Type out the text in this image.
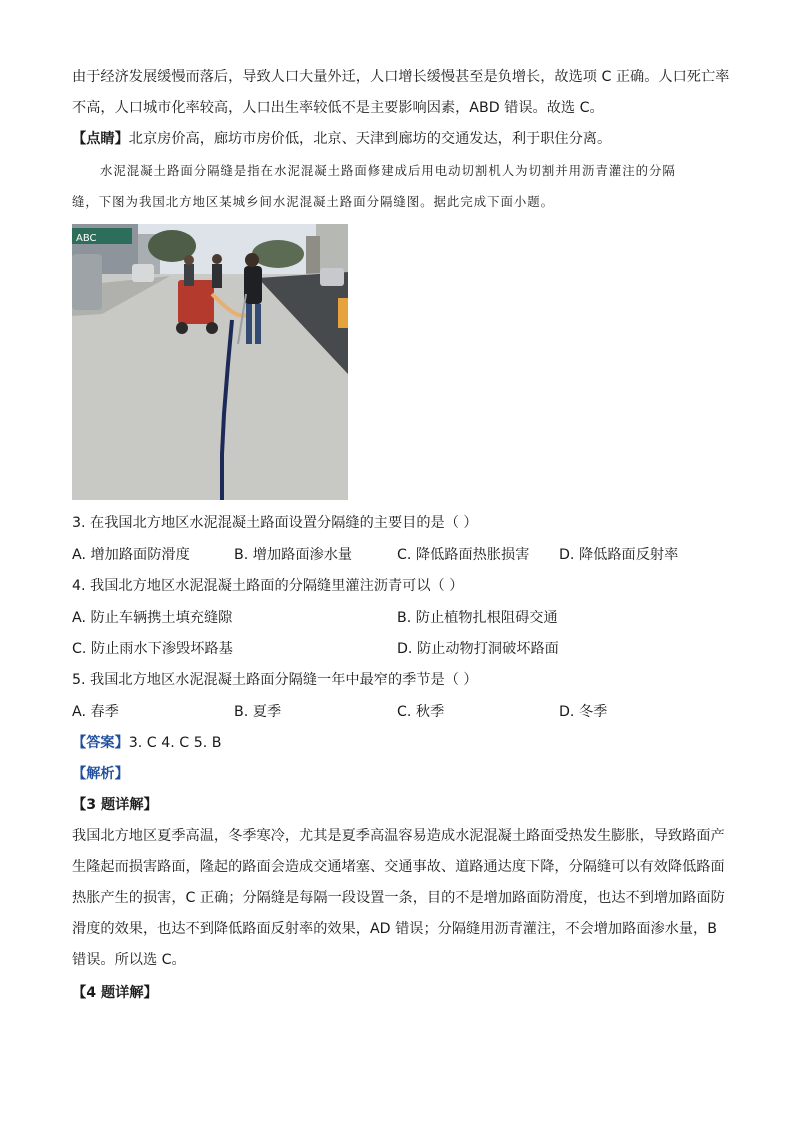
由于经济发展缓慢而落后，导致人口大量外迁，人口增长缓慢甚至是负增长，故选项 C 正确。人口死亡率
不高，人口城市化率较高，人口出生率较低不是主要影响因素，ABD 错误。故选 C。
【点睛】北京房价高，廊坊市房价低，北京、天津到廊坊的交通发达，利于职住分离。
水泥混凝土路面分隔缝是指在水泥混凝土路面修建成后用电动切割机人为切割并用沥青灌注的分隔
缝，下图为我国北方地区某城乡间水泥混凝土路面分隔缝图。据此完成下面小题。
ABC
3. 在我国北方地区水泥混凝土路面设置分隔缝的主要目的是（ ）
A. 增加路面防滑度	B. 增加路面渗水量	C. 降低路面热胀损害 D. 降低路面反射率
4. 我国北方地区水泥混凝土路面的分隔缝里灌注沥青可以（ ）
A. 防止车辆携土填充缝隙	B. 防止植物扎根阻碍交通
C. 防止雨水下渗毁坏路基	D. 防止动物打洞破坏路面
5. 我国北方地区水泥混凝土路面分隔缝一年中最窄的季节是（ ）
A. 春季	B. 夏季	C. 秋季	D. 冬季
【答案】3. C 4. C 5. B
【解析】
【3 题详解】
我国北方地区夏季高温，冬季寒冷，尤其是夏季高温容易造成水泥混凝土路面受热发生膨胀，导致路面产
生隆起而损害路面，隆起的路面会造成交通堵塞、交通事故、道路通达度下降，分隔缝可以有效降低路面
热胀产生的损害，C 正确；分隔缝是每隔一段设置一条，目的不是增加路面防滑度，也达不到增加路面防
滑度的效果，也达不到降低路面反射率的效果，AD 错误；分隔缝用沥青灌注，不会增加路面渗水量，B
错误。所以选 C。
【4 题详解】
